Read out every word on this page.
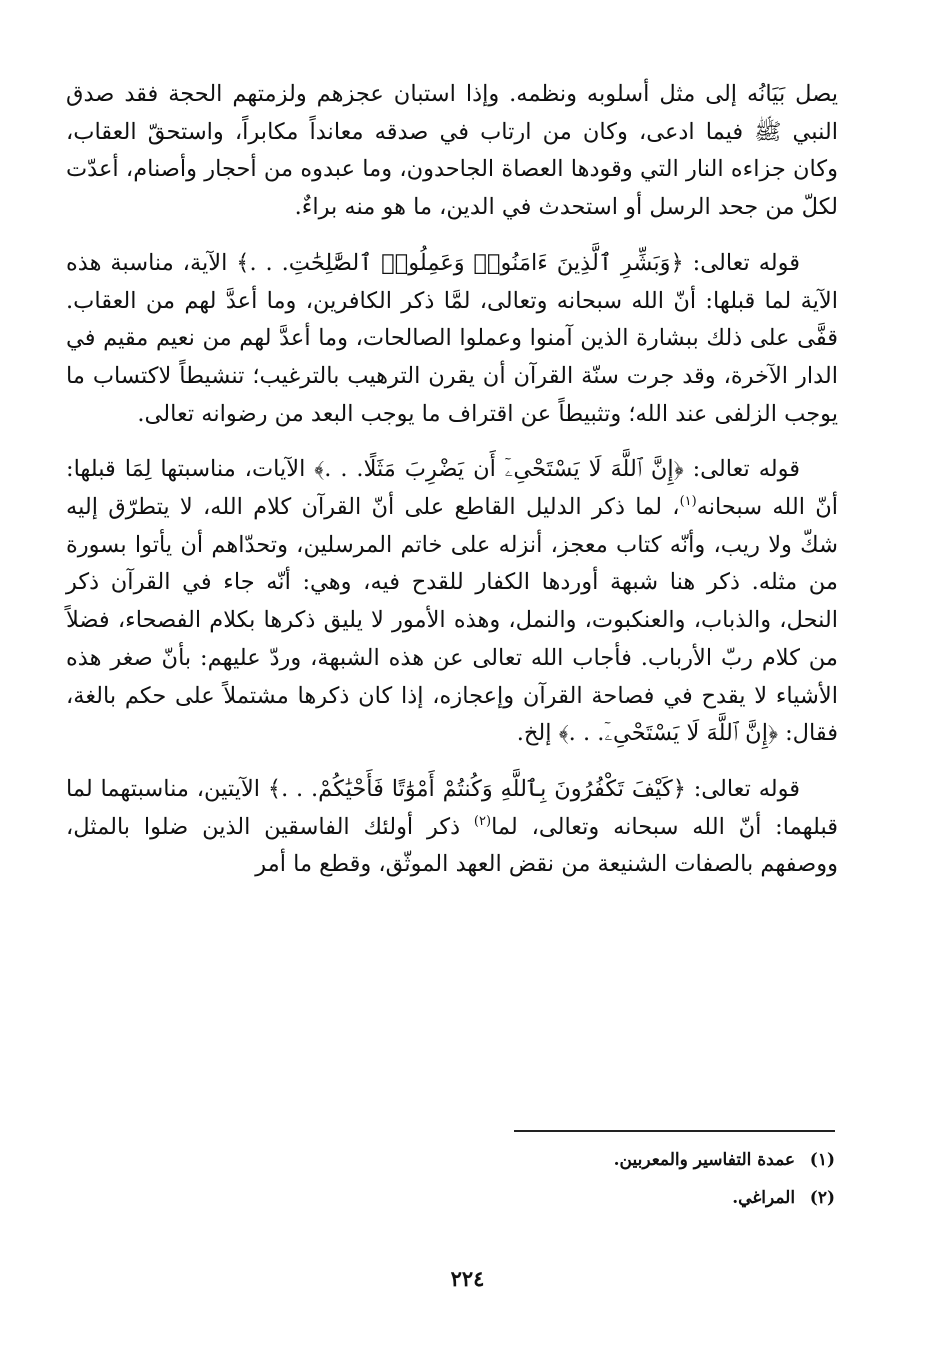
يصل بَيَانُه إلى مثل أسلوبه ونظمه. وإذا استبان عجزهم ولزمتهم الحجة فقد صدق النبي ﷺ فيما ادعى، وكان من ارتاب في صدقه معانداً مكابراً، واستحقّ العقاب، وكان جزاءه النار التي وقودها العصاة الجاحدون، وما عبدوه من أحجار وأصنام، أعدّت لكلّ من جحد الرسل أو استحدث في الدين، ما هو منه براءٌ.

قوله تعالى: ﴿وَبَشِّرِ ٱلَّذِينَ ءَامَنُوا۟ وَعَمِلُوا۟ ٱلصَّٰلِحَٰتِ. . .﴾ الآية، مناسبة هذه الآية لما قبلها: أنّ الله سبحانه وتعالى، لمَّا ذكر الكافرين، وما أعدَّ لهم من العقاب. قفَّى على ذلك ببشارة الذين آمنوا وعملوا الصالحات، وما أعدَّ لهم من نعيم مقيم في الدار الآخرة، وقد جرت سنّة القرآن أن يقرن الترهيب بالترغيب؛ تنشيطاً لاكتساب ما يوجب الزلفى عند الله؛ وتثبيطاً عن اقتراف ما يوجب البعد من رضوانه تعالى.

قوله تعالى: ﴿إِنَّ ٱللَّهَ لَا يَسْتَحْىِۦٓ أَن يَضْرِبَ مَثَلًا. . .﴾ الآيات، مناسبتها لِمَا قبلها: أنّ الله سبحانه$^{(١)}$، لما ذكر الدليل القاطع على أنّ القرآن كلام الله، لا يتطرّق إليه شكّ ولا ريب، وأنّه كتاب معجز، أنزله على خاتم المرسلين، وتحدّاهم أن يأتوا بسورة من مثله. ذكر هنا شبهة أوردها الكفار للقدح فيه، وهي: أنّه جاء في القرآن ذكر النحل، والذباب، والعنكبوت، والنمل، وهذه الأمور لا يليق ذكرها بكلام الفصحاء، فضلاً من كلام ربّ الأرباب. فأجاب الله تعالى عن هذه الشبهة، وردّ عليهم: بأنّ صغر هذه الأشياء لا يقدح في فصاحة القرآن وإعجازه، إذا كان ذكرها مشتملاً على حكم بالغة، فقال: ﴿إِنَّ ٱللَّهَ لَا يَسْتَحْىِۦٓ. . .﴾ إلخ.

قوله تعالى: ﴿كَيْفَ تَكْفُرُونَ بِٱللَّهِ وَكُنتُمْ أَمْوَٰتًا فَأَحْيَٰكُمْ. . .﴾ الآيتين، مناسبتهما لما قبلهما: أنّ الله سبحانه وتعالى، لما$^{(٢)}$ ذكر أولئك الفاسقين الذين ضلوا بالمثل، ووصفهم بالصفات الشنيعة من نقض العهد الموثّق، وقطع ما أمر

(١) عمدة التفاسير والمعربين.

(٢) المراغي.

٢٢٤
